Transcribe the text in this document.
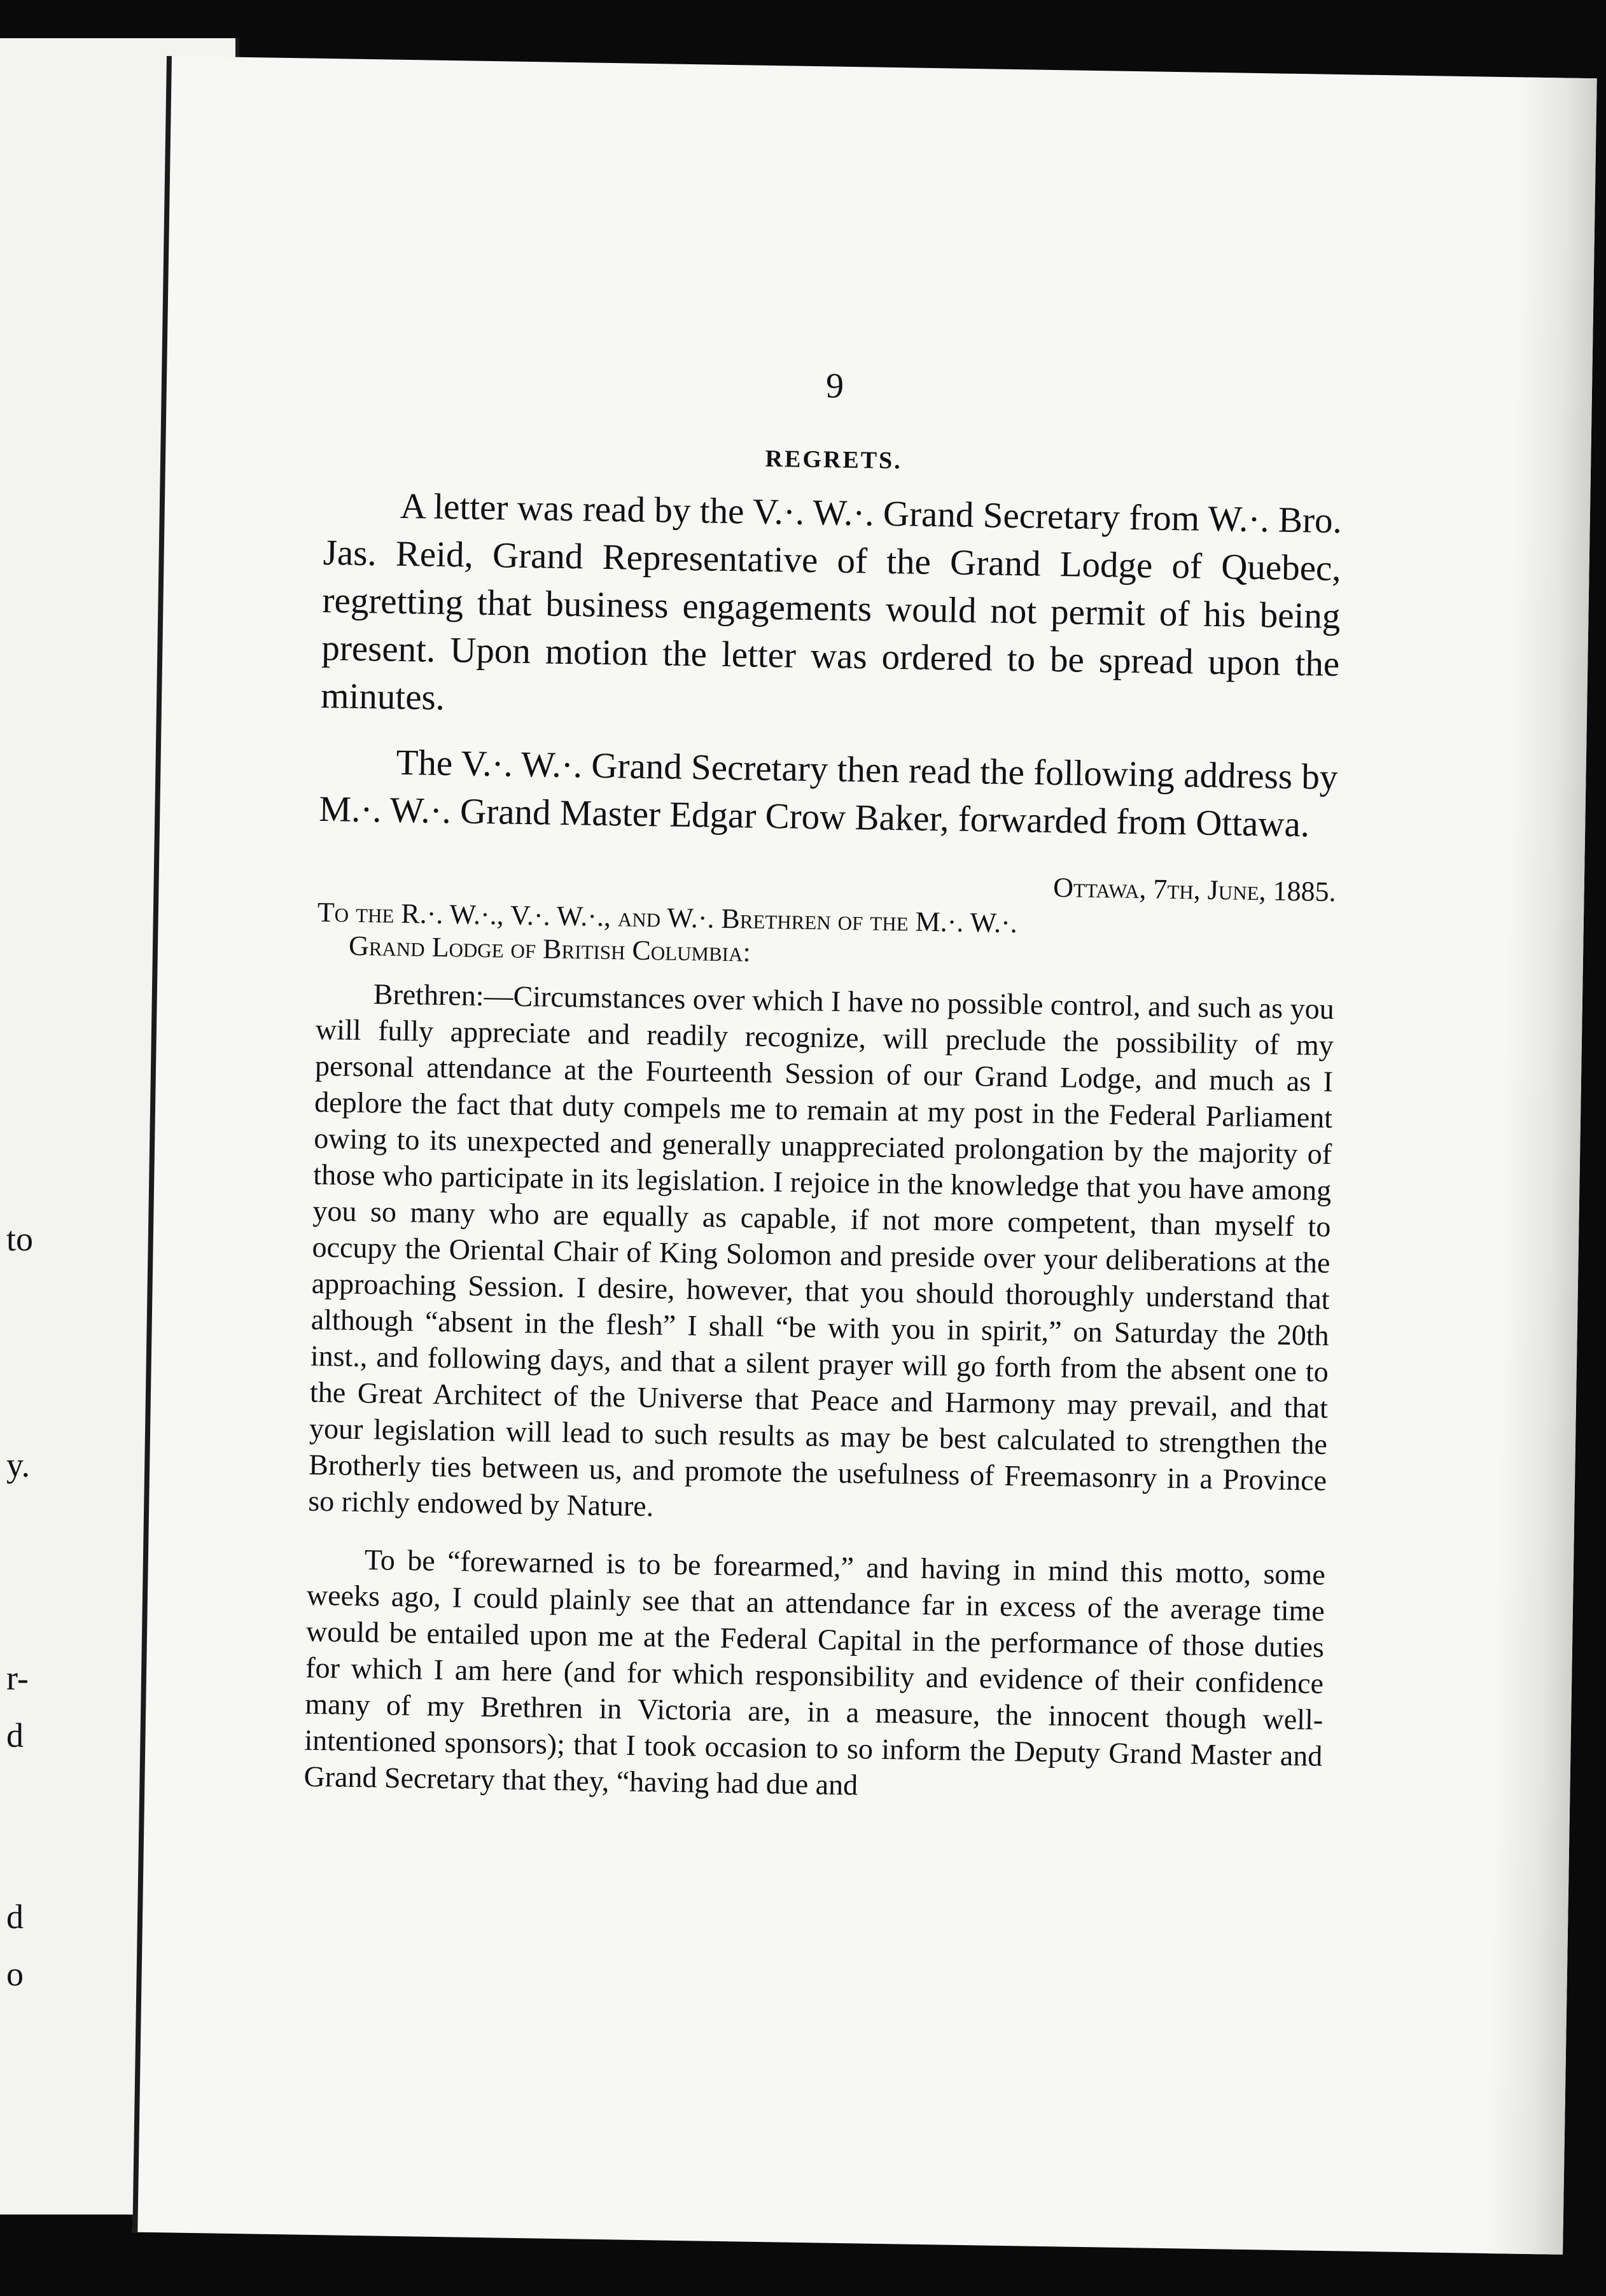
to
y.
r-
d
d
o
9
REGRETS.

A letter was read by the V.·. W.·. Grand Secretary from W.·. Bro. Jas. Reid, Grand Representative of the Grand Lodge of Quebec, regretting that business engagements would not permit of his being present. Upon motion the letter was ordered to be spread upon the minutes.

The V.·. W.·. Grand Secretary then read the following address by M.·. W.·. Grand Master Edgar Crow Baker, forwarded from Ottawa.

Ottawa, 7th, June, 1885.
To the R.·. W.·., V.·. W.·., and W.·. Brethren of the M.·. W.·.
Grand Lodge of British Columbia:

Brethren:—Circumstances over which I have no possible control, and such as you will fully appreciate and readily recognize, will preclude the possibility of my personal attendance at the Fourteenth Session of our Grand Lodge, and much as I deplore the fact that duty compels me to remain at my post in the Federal Parliament owing to its unexpected and generally unappreciated prolongation by the majority of those who participate in its legislation. I rejoice in the knowledge that you have among you so many who are equally as capable, if not more competent, than myself to occupy the Oriental Chair of King Solomon and preside over your deliberations at the approaching Session. I desire, however, that you should thoroughly understand that although “absent in the flesh” I shall “be with you in spirit,” on Saturday the 20th inst., and following days, and that a silent prayer will go forth from the absent one to the Great Architect of the Universe that Peace and Harmony may prevail, and that your legislation will lead to such results as may be best calculated to strengthen the Brotherly ties between us, and promote the usefulness of Freemasonry in a Province so richly endowed by Nature.

To be “forewarned is to be forearmed,” and having in mind this motto, some weeks ago, I could plainly see that an attendance far in excess of the average time would be entailed upon me at the Federal Capital in the performance of those duties for which I am here (and for which responsibility and evidence of their confidence many of my Brethren in Victoria are, in a measure, the innocent though well-intentioned sponsors); that I took occasion to so inform the Deputy Grand Master and Grand Secretary that they, “having had due and
